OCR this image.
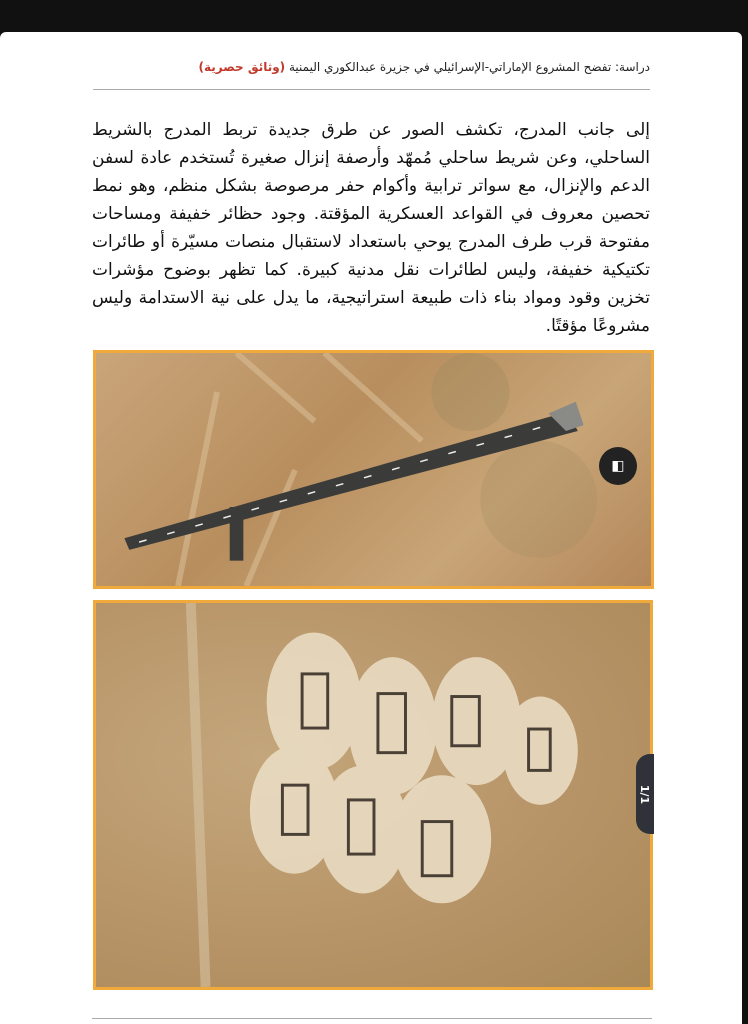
دراسة: تفضح المشروع الإماراتي-الإسرائيلي في جزيرة عبدالكوري اليمنية (وثائق حصرية)

إلى جانب المدرج، تكشف الصور عن طرق جديدة تربط المدرج بالشريط الساحلي، وعن شريط ساحلي مُمهّد وأرصفة إنزال صغيرة تُستخدم عادة لسفن الدعم والإنزال، مع سواتر ترابية وأكوام حفر مرصوصة بشكل منظم، وهو نمط تحصين معروف في القواعد العسكرية المؤقتة. وجود حظائر خفيفة ومساحات مفتوحة قرب طرف المدرج يوحي باستعداد لاستقبال منصات مسيّرة أو طائرات تكتيكية خفيفة، وليس لطائرات نقل مدنية كبيرة. كما تظهر بوضوح مؤشرات تخزين وقود ومواد بناء ذات طبيعة استراتيجية، ما يدل على نية الاستدامة وليس مشروعًا مؤقتًا.

◧
1/1
